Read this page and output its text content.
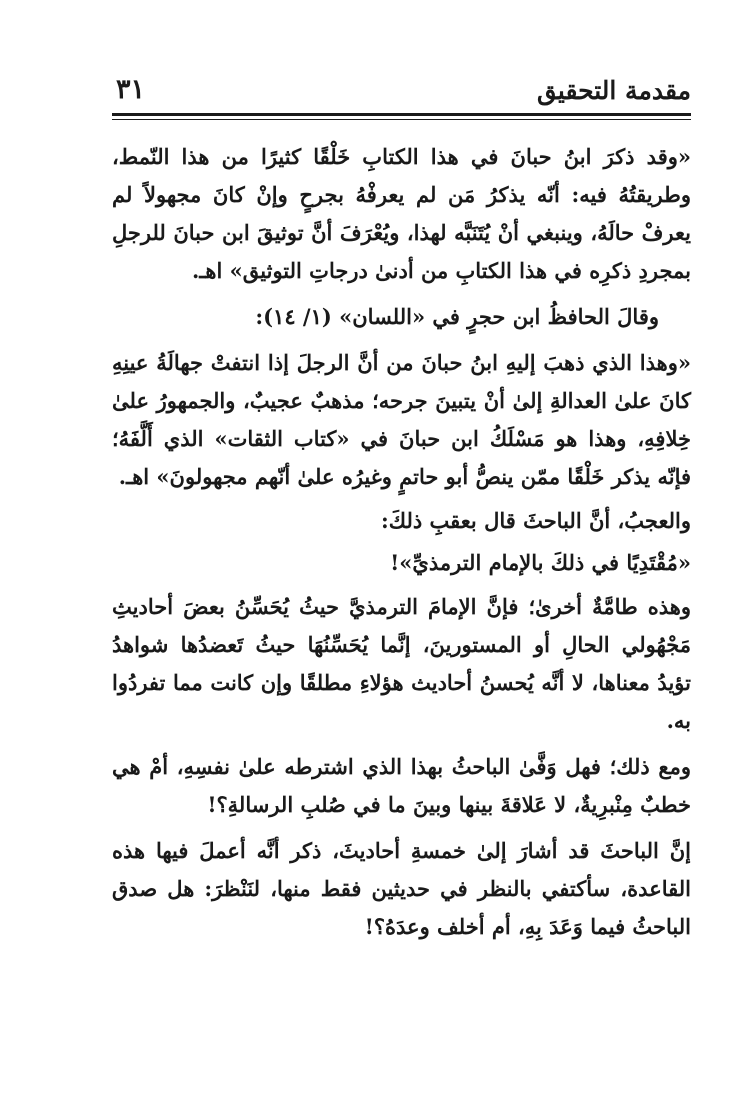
مقدمة التحقيق
٣١

«وقد ذكرَ ابنُ حبانَ في هذا الكتابِ خَلْقًا كثيرًا من هذا النّمط، وطريقتُهُ فيه: أنّه يذكرُ مَن لم يعرفْهُ بجرحٍ وإنْ كانَ مجهولاً لم يعرفْ حالَهُ، وينبغي أنْ يُتَنَبَّه لهذا، ويُعْرَفَ أنَّ توثيقَ ابن حبانَ للرجلِ بمجردِ ذكرِه في هذا الكتابِ من أدنىٰ درجاتِ التوثيق» اهـ.

وقالَ الحافظُ ابن حجرٍ في «اللسان» (١/ ١٤):

«وهذا الذي ذهبَ إليهِ ابنُ حبانَ من أنَّ الرجلَ إذا انتفتْ جهالَةُ عينِهِ كانَ علىٰ العدالةِ إلىٰ أنْ يتبينَ جرحه؛ مذهبٌ عجيبٌ، والجمهورُ علىٰ خِلافِهِ، وهذا هو مَسْلَكُ ابن حبانَ في «كتاب الثقات» الذي أَلَّفَهُ؛ فإنّه يذكر خَلْقًا ممّن ينصُّ أبو حاتمٍ وغيرُه علىٰ أنّهم مجهولونَ» اهـ.

والعجبُ، أنَّ الباحثَ قال بعقبِ ذلكَ:

«مُقْتَدِيًا في ذلكَ بالإمام الترمذيِّ»!

وهذه طامَّةٌ أخرىٰ؛ فإنَّ الإمامَ الترمذيَّ حيثُ يُحَسِّنُ بعضَ أحاديثِ مَجْهُولي الحالِ أو المستورينَ، إنَّما يُحَسِّنُهَا حيثُ تَعضدُها شواهدُ تؤيدُ معناها، لا أنَّه يُحسنُ أحاديث هؤلاءِ مطلقًا وإن كانت مما تفردُوا به.

ومع ذلك؛ فهل وَفَّىٰ الباحثُ بهذا الذي اشترطه علىٰ نفسِهِ، أمْ هي خطبٌ مِنْبرِيةٌ، لا عَلاقةَ بينها وبينَ ما في صُلبِ الرسالةِ؟!

إنَّ الباحثَ قد أشارَ إلىٰ خمسةِ أحاديثَ، ذكر أنَّه أعملَ فيها هذه القاعدة، سأكتفي بالنظر في حديثين فقط منها، لنَنْظرَ: هل صدق الباحثُ فيما وَعَدَ بِهِ، أم أخلف وعدَهُ؟!
